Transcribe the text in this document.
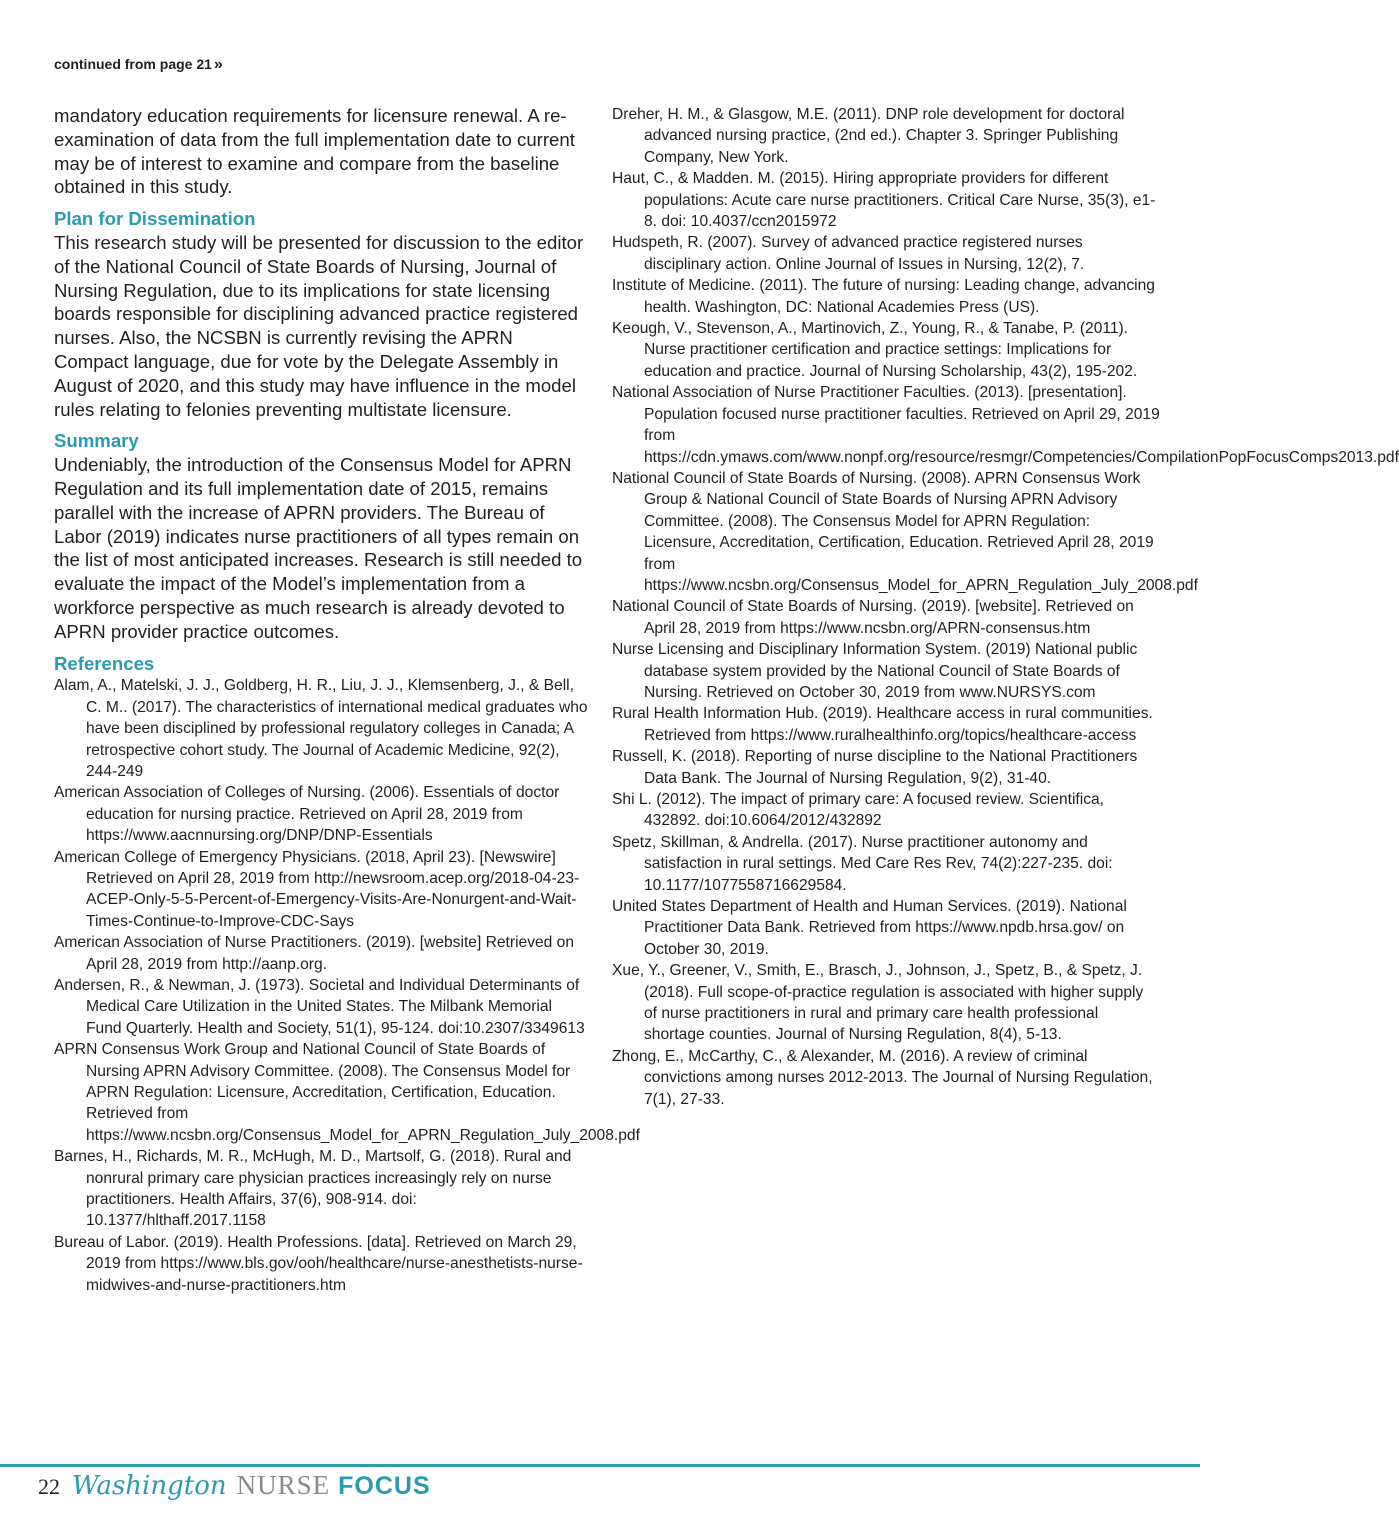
continued from page 21 »

mandatory education requirements for licensure renewal. A re-examination of data from the full implementation date to current may be of interest to examine and compare from the baseline obtained in this study.

Plan for Dissemination

This research study will be presented for discussion to the editor of the National Council of State Boards of Nursing, Journal of Nursing Regulation, due to its implications for state licensing boards responsible for disciplining advanced practice registered nurses. Also, the NCSBN is currently revising the APRN Compact language, due for vote by the Delegate Assembly in August of 2020, and this study may have influence in the model rules relating to felonies preventing multistate licensure.

Summary

Undeniably, the introduction of the Consensus Model for APRN Regulation and its full implementation date of 2015, remains parallel with the increase of APRN providers. The Bureau of Labor (2019) indicates nurse practitioners of all types remain on the list of most anticipated increases. Research is still needed to evaluate the impact of the Model’s implementation from a workforce perspective as much research is already devoted to APRN provider practice outcomes.

References
Alam, A., Matelski, J. J., Goldberg, H. R., Liu, J. J., Klemsenberg, J., & Bell, C. M.. (2017). The characteristics of international medical graduates who have been disciplined by professional regulatory colleges in Canada; A retrospective cohort study. The Journal of Academic Medicine, 92(2), 244-249
American Association of Colleges of Nursing. (2006). Essentials of doctor education for nursing practice. Retrieved on April 28, 2019 from https://www.aacnnursing.org/DNP/DNP-Essentials
American College of Emergency Physicians. (2018, April 23). [Newswire] Retrieved on April 28, 2019 from http://newsroom.acep.org/2018-04-23-ACEP-Only-5-5-Percent-of-Emergency-Visits-Are-Nonurgent-and-Wait-Times-Continue-to-Improve-CDC-Says
American Association of Nurse Practitioners. (2019). [website] Retrieved on April 28, 2019 from http://aanp.org.
Andersen, R., & Newman, J. (1973). Societal and Individual Determinants of Medical Care Utilization in the United States. The Milbank Memorial Fund Quarterly. Health and Society, 51(1), 95-124. doi:10.2307/3349613
APRN Consensus Work Group and National Council of State Boards of Nursing APRN Advisory Committee. (2008). The Consensus Model for APRN Regulation: Licensure, Accreditation, Certification, Education. Retrieved from https://www.ncsbn.org/Consensus_Model_for_APRN_Regulation_July_2008.pdf
Barnes, H., Richards, M. R., McHugh, M. D., Martsolf, G. (2018). Rural and nonrural primary care physician practices increasingly rely on nurse practitioners. Health Affairs, 37(6), 908-914. doi: 10.1377/hlthaff.2017.1158
Bureau of Labor. (2019). Health Professions. [data]. Retrieved on March 29, 2019 from https://www.bls.gov/ooh/healthcare/nurse-anesthetists-nurse-midwives-and-nurse-practitioners.htm
Dreher, H. M., & Glasgow, M.E. (2011). DNP role development for doctoral advanced nursing practice, (2nd ed.). Chapter 3. Springer Publishing Company, New York.
Haut, C., & Madden. M. (2015). Hiring appropriate providers for different populations: Acute care nurse practitioners. Critical Care Nurse, 35(3), e1-8. doi: 10.4037/ccn2015972
Hudspeth, R. (2007). Survey of advanced practice registered nurses disciplinary action. Online Journal of Issues in Nursing, 12(2), 7.
Institute of Medicine. (2011). The future of nursing: Leading change, advancing health. Washington, DC: National Academies Press (US).
Keough, V., Stevenson, A., Martinovich, Z., Young, R., & Tanabe, P. (2011). Nurse practitioner certification and practice settings: Implications for education and practice. Journal of Nursing Scholarship, 43(2), 195-202.
National Association of Nurse Practitioner Faculties. (2013). [presentation]. Population focused nurse practitioner faculties. Retrieved on April 29, 2019 from https://cdn.ymaws.com/www.nonpf.org/resource/resmgr/Competencies/CompilationPopFocusComps2013.pdf
National Council of State Boards of Nursing. (2008). APRN Consensus Work Group & National Council of State Boards of Nursing APRN Advisory Committee. (2008). The Consensus Model for APRN Regulation: Licensure, Accreditation, Certification, Education. Retrieved April 28, 2019 from https://www.ncsbn.org/Consensus_Model_for_APRN_Regulation_July_2008.pdf
National Council of State Boards of Nursing. (2019). [website]. Retrieved on April 28, 2019 from https://www.ncsbn.org/APRN-consensus.htm
Nurse Licensing and Disciplinary Information System. (2019) National public database system provided by the National Council of State Boards of Nursing. Retrieved on October 30, 2019 from www.NURSYS.com
Rural Health Information Hub. (2019). Healthcare access in rural communities. Retrieved from https://www.ruralhealthinfo.org/topics/healthcare-access
Russell, K. (2018). Reporting of nurse discipline to the National Practitioners Data Bank. The Journal of Nursing Regulation, 9(2), 31-40.
Shi L. (2012). The impact of primary care: A focused review. Scientifica, 432892. doi:10.6064/2012/432892
Spetz, Skillman, & Andrella. (2017). Nurse practitioner autonomy and satisfaction in rural settings. Med Care Res Rev, 74(2):227-235. doi: 10.1177/1077558716629584.
United States Department of Health and Human Services. (2019). National Practitioner Data Bank. Retrieved from https://www.npdb.hrsa.gov/ on October 30, 2019.
Xue, Y., Greener, V., Smith, E., Brasch, J., Johnson, J., Spetz, B., & Spetz, J. (2018). Full scope-of-practice regulation is associated with higher supply of nurse practitioners in rural and primary care health professional shortage counties. Journal of Nursing Regulation, 8(4), 5-13.
Zhong, E., McCarthy, C., & Alexander, M. (2016). A review of criminal convictions among nurses 2012-2013. The Journal of Nursing Regulation, 7(1), 27-33.
22 Washington NURSE FOCUS
